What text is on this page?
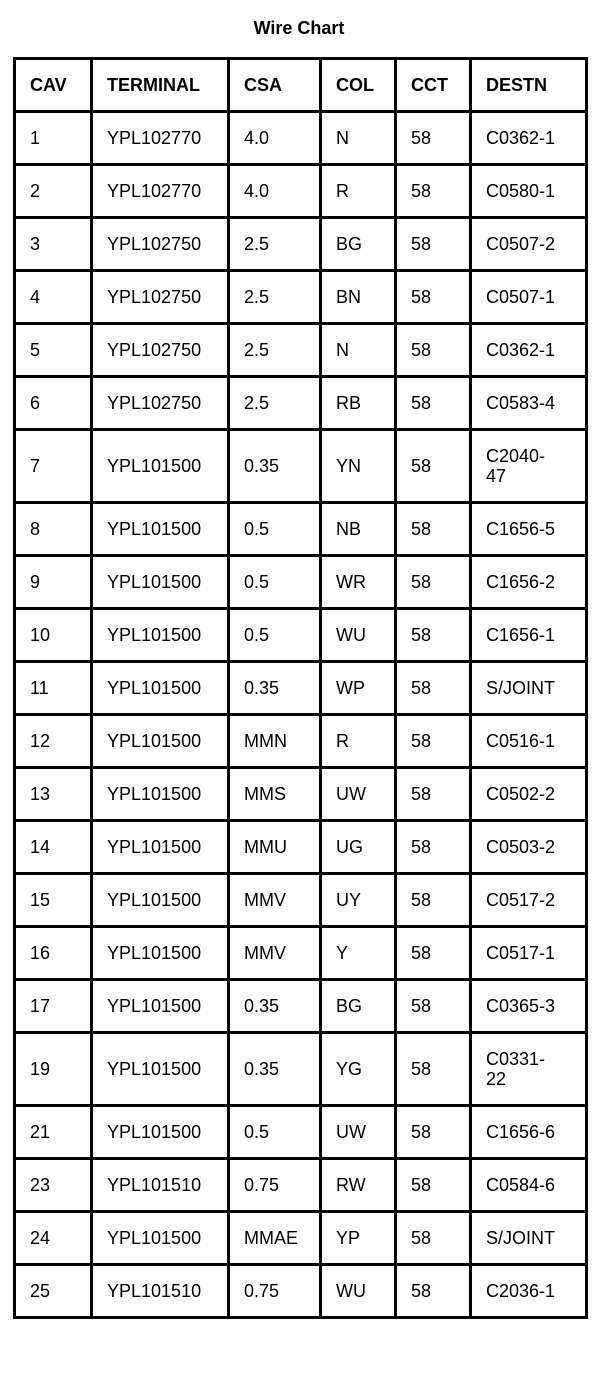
Wire Chart
CAV	TERMINAL	CSA	COL	CCT	DESTN
1	YPL102770	4.0	N	58	C0362-1
2	YPL102770	4.0	R	58	C0580-1
3	YPL102750	2.5	BG	58	C0507-2
4	YPL102750	2.5	BN	58	C0507-1
5	YPL102750	2.5	N	58	C0362-1
6	YPL102750	2.5	RB	58	C0583-4
7	YPL101500	0.35	YN	58	C2040-
47
8	YPL101500	0.5	NB	58	C1656-5
9	YPL101500	0.5	WR	58	C1656-2
10	YPL101500	0.5	WU	58	C1656-1
11	YPL101500	0.35	WP	58	S/JOINT
12	YPL101500	MMN	R	58	C0516-1
13	YPL101500	MMS	UW	58	C0502-2
14	YPL101500	MMU	UG	58	C0503-2
15	YPL101500	MMV	UY	58	C0517-2
16	YPL101500	MMV	Y	58	C0517-1
17	YPL101500	0.35	BG	58	C0365-3
19	YPL101500	0.35	YG	58	C0331-
22
21	YPL101500	0.5	UW	58	C1656-6
23	YPL101510	0.75	RW	58	C0584-6
24	YPL101500	MMAE	YP	58	S/JOINT
25	YPL101510	0.75	WU	58	C2036-1
